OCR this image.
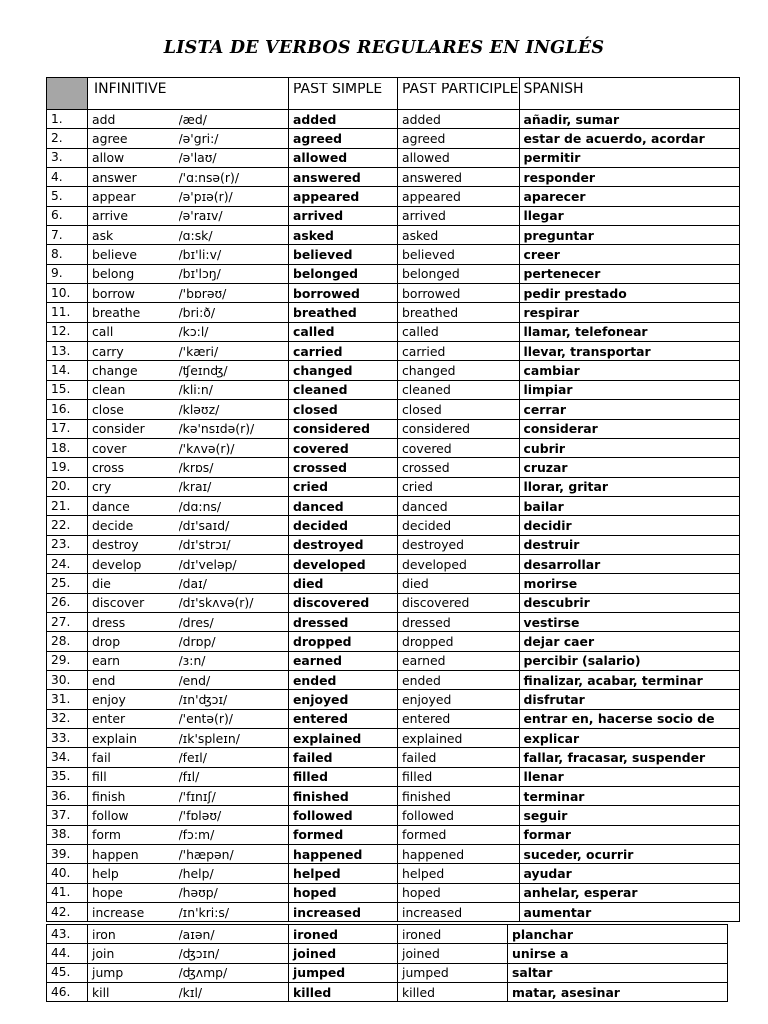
LISTA DE VERBOS REGULARES EN INGLÉS
	INFINITIVE		PAST SIMPLE	PAST PARTICIPLE	SPANISH
1.	add	/æd/	added	added	añadir, sumar
2.	agree	/ə'gri:/	agreed	agreed	estar de acuerdo, acordar
3.	allow	/ə'laʊ/	allowed	allowed	permitir
4.	answer	/'ɑ:nsə(r)/	answered	answered	responder
5.	appear	/ə'pɪə(r)/	appeared	appeared	aparecer
6.	arrive	/ə'raɪv/	arrived	arrived	llegar
7.	ask	/ɑ:sk/	asked	asked	preguntar
8.	believe	/bɪ'li:v/	believed	believed	creer
9.	belong	/bɪ'lɔŋ/	belonged	belonged	pertenecer
10.	borrow	/'bɒrəʊ/	borrowed	borrowed	pedir prestado
11.	breathe	/bri:ð/	breathed	breathed	respirar
12.	call	/kɔ:l/	called	called	llamar, telefonear
13.	carry	/'kæri/	carried	carried	llevar, transportar
14.	change	/ʧeɪnʤ/	changed	changed	cambiar
15.	clean	/kli:n/	cleaned	cleaned	limpiar
16.	close	/kləʊz/	closed	closed	cerrar
17.	consider	/kə'nsɪdə(r)/	considered	considered	considerar
18.	cover	/'kʌvə(r)/	covered	covered	cubrir
19.	cross	/krɒs/	crossed	crossed	cruzar
20.	cry	/kraɪ/	cried	cried	llorar, gritar
21.	dance	/dɑ:ns/	danced	danced	bailar
22.	decide	/dɪ'saɪd/	decided	decided	decidir
23.	destroy	/dɪ'strɔɪ/	destroyed	destroyed	destruir
24.	develop	/dɪ'veləp/	developed	developed	desarrollar
25.	die	/daɪ/	died	died	morirse
26.	discover	/dɪ'skʌvə(r)/	discovered	discovered	descubrir
27.	dress	/dres/	dressed	dressed	vestirse
28.	drop	/drɒp/	dropped	dropped	dejar caer
29.	earn	/ɜ:n/	earned	earned	percibir (salario)
30.	end	/end/	ended	ended	finalizar, acabar, terminar
31.	enjoy	/ɪn'ʤɔɪ/	enjoyed	enjoyed	disfrutar
32.	enter	/'entə(r)/	entered	entered	entrar en, hacerse socio de
33.	explain	/ɪk'spleɪn/	explained	explained	explicar
34.	fail	/feɪl/	failed	failed	fallar, fracasar, suspender
35.	fill	/fɪl/	filled	filled	llenar
36.	finish	/'fɪnɪʃ/	finished	finished	terminar
37.	follow	/'fɒləʊ/	followed	followed	seguir
38.	form	/fɔ:m/	formed	formed	formar
39.	happen	/'hæpən/	happened	happened	suceder, ocurrir
40.	help	/help/	helped	helped	ayudar
41.	hope	/həʊp/	hoped	hoped	anhelar, esperar
42.	increase	/ɪn'kri:s/	increased	increased	aumentar
43.	iron	/aɪən/	ironed	ironed	planchar
44.	join	/ʤɔɪn/	joined	joined	unirse a
45.	jump	/ʤʌmp/	jumped	jumped	saltar
46.	kill	/kɪl/	killed	killed	matar, asesinar
